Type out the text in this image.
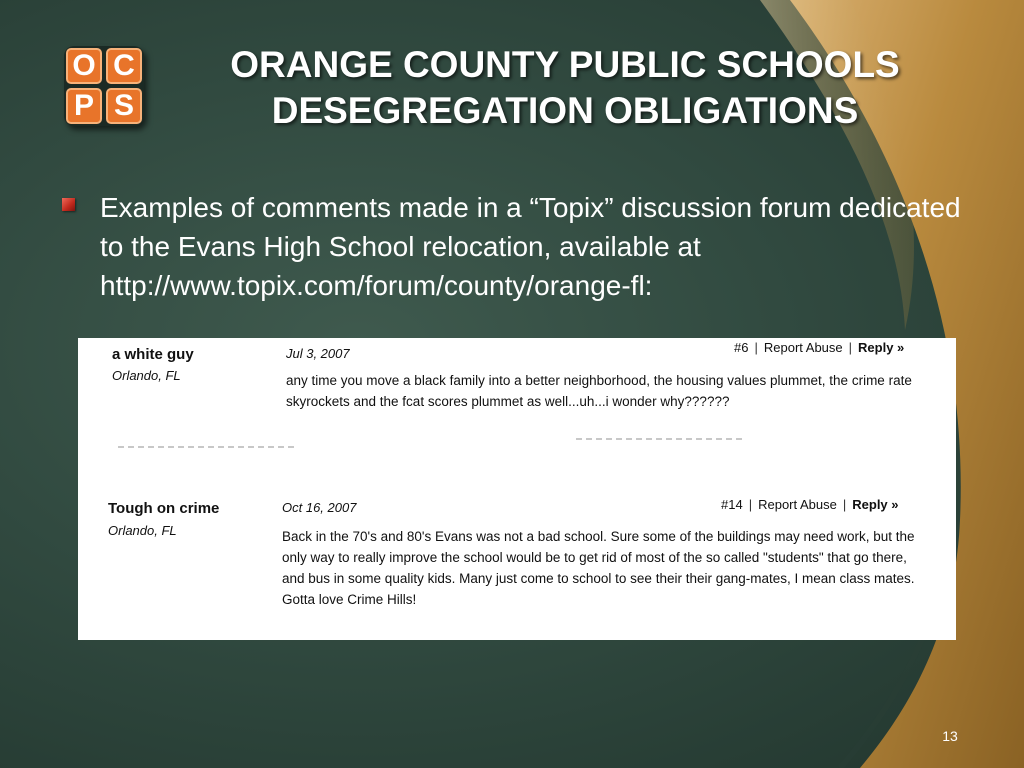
O C
P S
ORANGE COUNTY PUBLIC SCHOOLS
DESEGREGATION OBLIGATIONS

Examples of comments made in a “Topix” discussion forum dedicated to the Evans High School relocation, available at http://www.topix.com/forum/county/orange-fl:

a white guy
Orlando, FL
Jul 3, 2007	#6 | Report Abuse | Reply »

any time you move a black family into a better neighborhood, the housing values plummet, the crime rate skyrockets and the fcat scores plummet as well...uh...i wonder why??????

Tough on crime
Orlando, FL
Oct 16, 2007	#14 | Report Abuse | Reply »

Back in the 70's and 80's Evans was not a bad school. Sure some of the buildings may need work, but the only way to really improve the school would be to get rid of most of the so called "students" that go there, and bus in some quality kids. Many just come to school to see their their gang-mates, I mean class mates. Gotta love Crime Hills!

13
